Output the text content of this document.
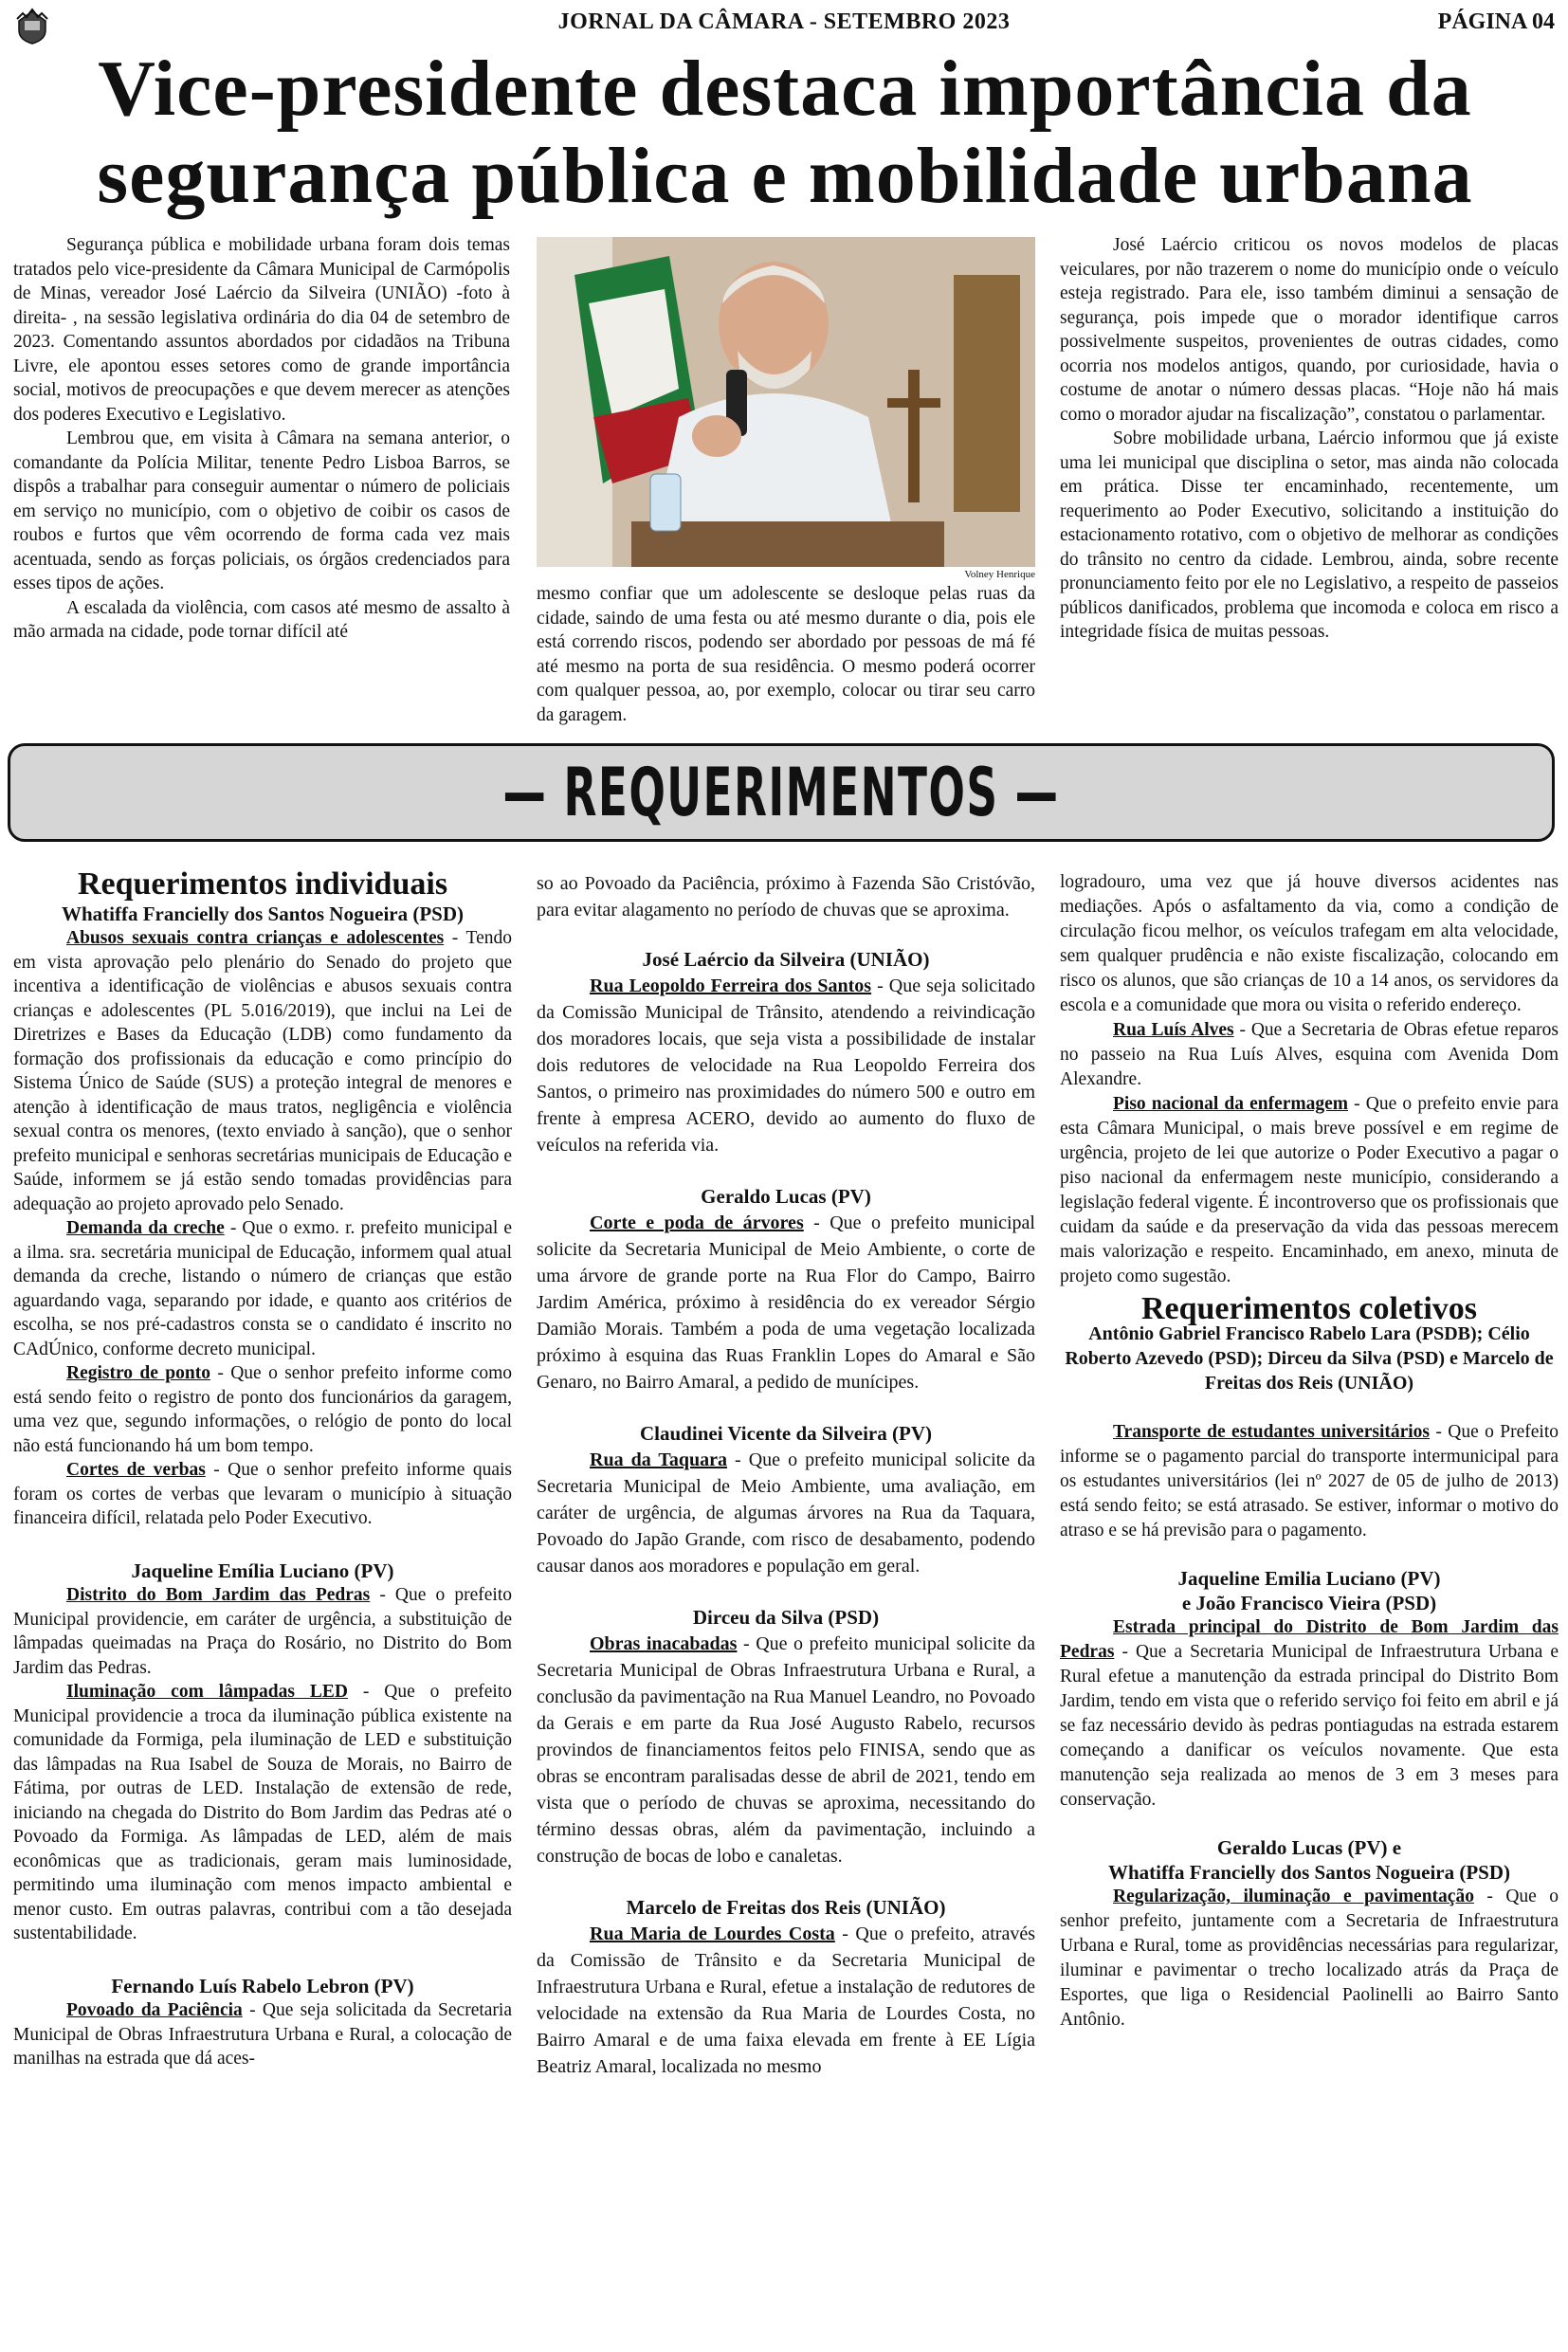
JORNAL DA CÂMARA - SETEMBRO 2023	PÁGINA 04
Vice-presidente destaca importância da segurança pública e mobilidade urbana

Segurança pública e mobilidade urbana foram dois temas tratados pelo vice-presidente da Câmara Municipal de Carmópolis de Minas, vereador José Laércio da Silveira (UNIÃO) -foto à direita- , na sessão legislativa ordinária do dia 04 de setembro de 2023. Comentando assuntos abordados por cidadãos na Tribuna Livre, ele apontou esses setores como de grande importância social, motivos de preocupações e que devem merecer as atenções dos poderes Executivo e Legislativo.

Lembrou que, em visita à Câmara na semana anterior, o comandante da Polícia Militar, tenente Pedro Lisboa Barros, se dispôs a trabalhar para conseguir aumentar o número de policiais em serviço no município, com o objetivo de coibir os casos de roubos e furtos que vêm ocorrendo de forma cada vez mais acentuada, sendo as forças policiais, os órgãos credenciados para esses tipos de ações.

A escalada da violência, com casos até mesmo de assalto à mão armada na cidade, pode tornar difícil até

Volney Henrique

mesmo confiar que um adolescente se desloque pelas ruas da cidade, saindo de uma festa ou até mesmo durante o dia, pois ele está correndo riscos, podendo ser abordado por pessoas de má fé até mesmo na porta de sua residência. O mesmo poderá ocorrer com qualquer pessoa, ao, por exemplo, colocar ou tirar seu carro da garagem.

José Laércio criticou os novos modelos de placas veiculares, por não trazerem o nome do município onde o veículo esteja registrado. Para ele, isso também diminui a sensação de segurança, pois impede que o morador identifique carros possivelmente suspeitos, provenientes de outras cidades, como ocorria nos modelos antigos, quando, por curiosidade, havia o costume de anotar o número dessas placas. “Hoje não há mais como o morador ajudar na fiscalização”, constatou o parlamentar.

Sobre mobilidade urbana, Laércio informou que já existe uma lei municipal que disciplina o setor, mas ainda não colocada em prática. Disse ter encaminhado, recentemente, um requerimento ao Poder Executivo, solicitando a instituição do estacionamento rotativo, com o objetivo de melhorar as condições do trânsito no centro da cidade. Lembrou, ainda, sobre recente pronunciamento feito por ele no Legislativo, a respeito de passeios públicos danificados, problema que incomoda e coloca em risco a integridade física de muitas pessoas.

— REQUERIMENTOS —
Requerimentos individuais
Whatiffa Francielly dos Santos Nogueira (PSD)

Abusos sexuais contra crianças e adolescentes - Tendo em vista aprovação pelo plenário do Senado do projeto que incentiva a identificação de violências e abusos sexuais contra crianças e adolescentes (PL 5.016/2019), que inclui na Lei de Diretrizes e Bases da Educação (LDB) como fundamento da formação dos profissionais da educação e como princípio do Sistema Único de Saúde (SUS) a proteção integral de menores e atenção à identificação de maus tratos, negligência e violência sexual contra os menores, (texto enviado à sanção), que o senhor prefeito municipal e senhoras secretárias municipais de Educação e Saúde, informem se já estão sendo tomadas providências para adequação ao projeto aprovado pelo Senado.

Demanda da creche - Que o exmo. r. prefeito municipal e a ilma. sra. secretária municipal de Educação, informem qual atual demanda da creche, listando o número de crianças que estão aguardando vaga, separando por idade, e quanto aos critérios de escolha, se nos pré-cadastros consta se o candidato é inscrito no CAdÚnico, conforme decreto municipal.

Registro de ponto - Que o senhor prefeito informe como está sendo feito o registro de ponto dos funcionários da garagem, uma vez que, segundo informações, o relógio de ponto do local não está funcionando há um bom tempo.

Cortes de verbas - Que o senhor prefeito informe quais foram os cortes de verbas que levaram o município à situação financeira difícil, relatada pelo Poder Executivo.

Jaqueline Emília Luciano (PV)

Distrito do Bom Jardim das Pedras - Que o prefeito Municipal providencie, em caráter de urgência, a substituição de lâmpadas queimadas na Praça do Rosário, no Distrito do Bom Jardim das Pedras.

Iluminação com lâmpadas LED - Que o prefeito Municipal providencie a troca da iluminação pública existente na comunidade da Formiga, pela iluminação de LED e substituição das lâmpadas na Rua Isabel de Souza de Morais, no Bairro de Fátima, por outras de LED. Instalação de extensão de rede, iniciando na chegada do Distrito do Bom Jardim das Pedras até o Povoado da Formiga. As lâmpadas de LED, além de mais econômicas que as tradicionais, geram mais luminosidade, permitindo uma iluminação com menos impacto ambiental e menor custo. Em outras palavras, contribui com a tão desejada sustentabilidade.

Fernando Luís Rabelo Lebron (PV)

Povoado da Paciência - Que seja solicitada da Secretaria Municipal de Obras Infraestrutura Urbana e Rural, a colocação de manilhas na estrada que dá aces-

so ao Povoado da Paciência, próximo à Fazenda São Cristóvão, para evitar alagamento no período de chuvas que se aproxima.

José Laércio da Silveira (UNIÃO)

Rua Leopoldo Ferreira dos Santos - Que seja solicitado da Comissão Municipal de Trânsito, atendendo a reivindicação dos moradores locais, que seja vista a possibilidade de instalar dois redutores de velocidade na Rua Leopoldo Ferreira dos Santos, o primeiro nas proximidades do número 500 e outro em frente à empresa ACERO, devido ao aumento do fluxo de veículos na referida via.

Geraldo Lucas (PV)

Corte e poda de árvores - Que o prefeito municipal solicite da Secretaria Municipal de Meio Ambiente, o corte de uma árvore de grande porte na Rua Flor do Campo, Bairro Jardim América, próximo à residência do ex vereador Sérgio Damião Morais. Também a poda de uma vegetação localizada próximo à esquina das Ruas Franklin Lopes do Amaral e São Genaro, no Bairro Amaral, a pedido de munícipes.

Claudinei Vicente da Silveira (PV)

Rua da Taquara - Que o prefeito municipal solicite da Secretaria Municipal de Meio Ambiente, uma avaliação, em caráter de urgência, de algumas árvores na Rua da Taquara, Povoado do Japão Grande, com risco de desabamento, podendo causar danos aos moradores e população em geral.

Dirceu da Silva (PSD)

Obras inacabadas - Que o prefeito municipal solicite da Secretaria Municipal de Obras Infraestrutura Urbana e Rural, a conclusão da pavimentação na Rua Manuel Leandro, no Povoado da Gerais e em parte da Rua José Augusto Rabelo, recursos provindos de financiamentos feitos pelo FINISA, sendo que as obras se encontram paralisadas desse de abril de 2021, tendo em vista que o período de chuvas se aproxima, necessitando do término dessas obras, além da pavimentação, incluindo a construção de bocas de lobo e canaletas.

Marcelo de Freitas dos Reis (UNIÃO)

Rua Maria de Lourdes Costa - Que o prefeito, através da Comissão de Trânsito e da Secretaria Municipal de Infraestrutura Urbana e Rural, efetue a instalação de redutores de velocidade na extensão da Rua Maria de Lourdes Costa, no Bairro Amaral e de uma faixa elevada em frente à EE Lígia Beatriz Amaral, localizada no mesmo

logradouro, uma vez que já houve diversos acidentes nas mediações. Após o asfaltamento da via, como a condição de circulação ficou melhor, os veículos trafegam em alta velocidade, sem qualquer prudência e não existe fiscalização, colocando em risco os alunos, que são crianças de 10 a 14 anos, os servidores da escola e a comunidade que mora ou visita o referido endereço.

Rua Luís Alves - Que a Secretaria de Obras efetue reparos no passeio na Rua Luís Alves, esquina com Avenida Dom Alexandre.

Piso nacional da enfermagem - Que o prefeito envie para esta Câmara Municipal, o mais breve possível e em regime de urgência, projeto de lei que autorize o Poder Executivo a pagar o piso nacional da enfermagem neste município, considerando a legislação federal vigente. É incontroverso que os profissionais que cuidam da saúde e da preservação da vida das pessoas merecem mais valorização e respeito. Encaminhado, em anexo, minuta de projeto como sugestão.

Requerimentos coletivos
Antônio Gabriel Francisco Rabelo Lara (PSDB); Célio Roberto Azevedo (PSD); Dirceu da Silva (PSD) e Marcelo de Freitas dos Reis (UNIÃO)

Transporte de estudantes universitários - Que o Prefeito informe se o pagamento parcial do transporte intermunicipal para os estudantes universitários (lei nº 2027 de 05 de julho de 2013) está sendo feito; se está atrasado. Se estiver, informar o motivo do atraso e se há previsão para o pagamento.

Jaqueline Emilia Luciano (PV)
e João Francisco Vieira (PSD)

Estrada principal do Distrito de Bom Jardim das Pedras - Que a Secretaria Municipal de Infraestrutura Urbana e Rural efetue a manutenção da estrada principal do Distrito Bom Jardim, tendo em vista que o referido serviço foi feito em abril e já se faz necessário devido às pedras pontiagudas na estrada estarem começando a danificar os veículos novamente. Que esta manutenção seja realizada ao menos de 3 em 3 meses para conservação.

Geraldo Lucas (PV) e
Whatiffa Francielly dos Santos Nogueira (PSD)

Regularização, iluminação e pavimentação - Que o senhor prefeito, juntamente com a Secretaria de Infraestrutura Urbana e Rural, tome as providências necessárias para regularizar, iluminar e pavimentar o trecho localizado atrás da Praça de Esportes, que liga o Residencial Paolinelli ao Bairro Santo Antônio.
